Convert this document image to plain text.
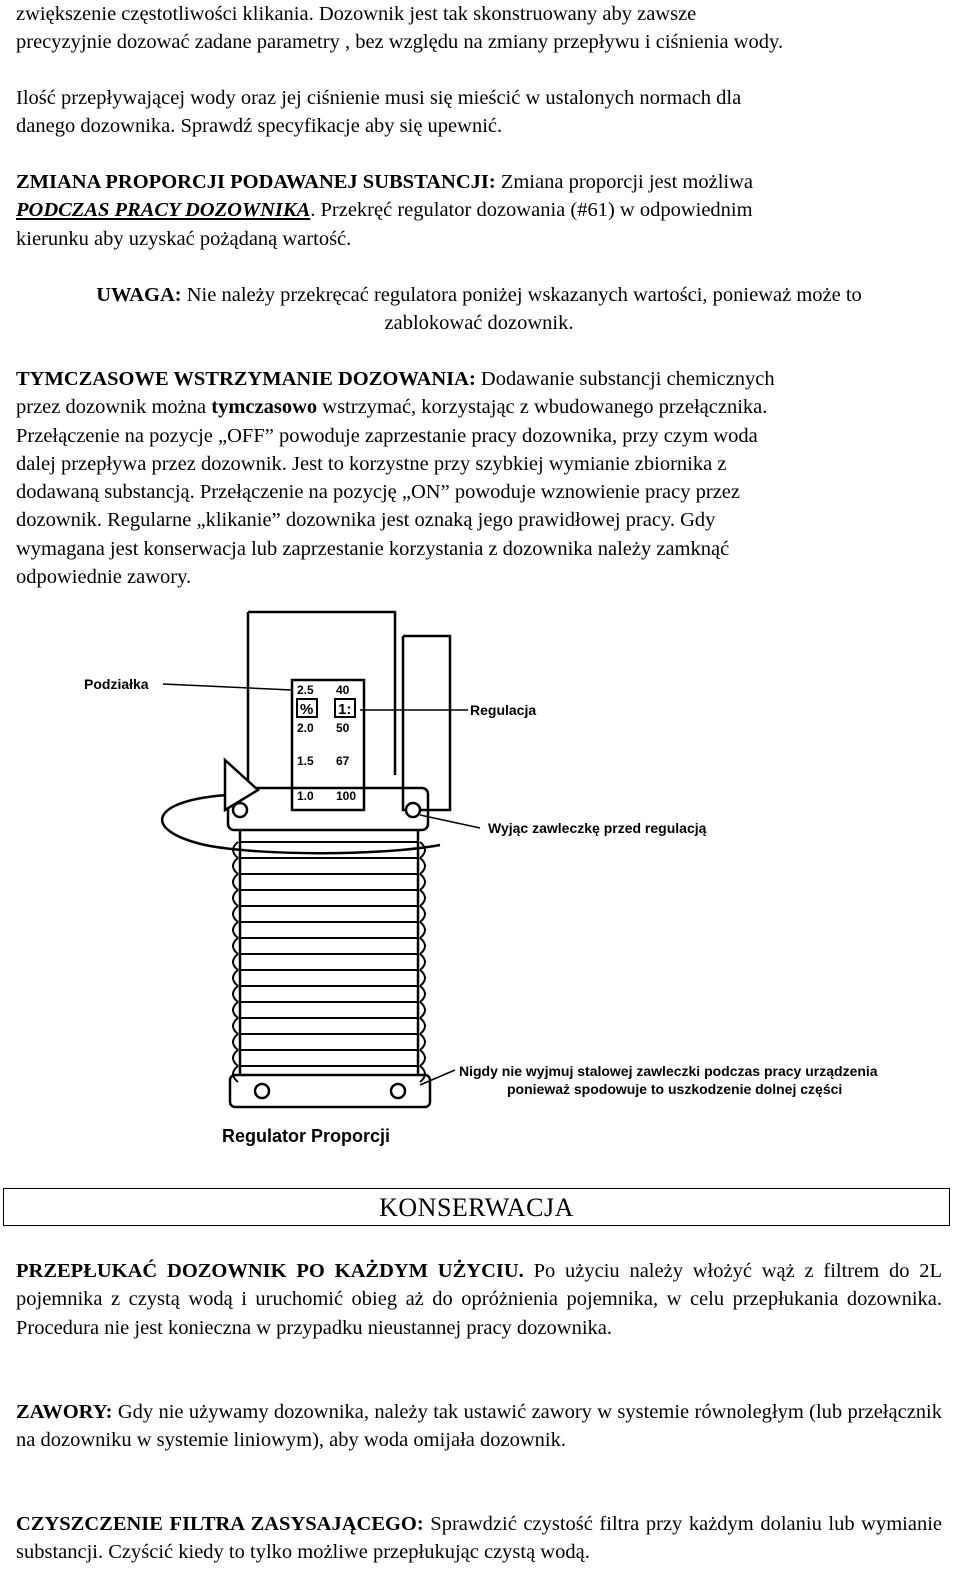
zwiększenie częstotliwości klikania. Dozownik jest tak skonstruowany aby zawsze

precyzyjnie dozować zadane parametry , bez względu na zmiany przepływu i ciśnienia wody.

Ilość przepływającej wody oraz jej ciśnienie musi się mieścić w ustalonych normach dla

danego dozownika. Sprawdź specyfikacje aby się upewnić.

ZMIANA PROPORCJI PODAWANEJ SUBSTANCJI: Zmiana proporcji jest możliwa

PODCZAS PRACY DOZOWNIKA. Przekręć regulator dozowania (#61) w odpowiednim

kierunku aby uzyskać pożądaną wartość.

UWAGA: Nie należy przekręcać regulatora poniżej wskazanych wartości, ponieważ może to

zablokować dozownik.

TYMCZASOWE WSTRZYMANIE DOZOWANIA: Dodawanie substancji chemicznych

przez dozownik można tymczasowo wstrzymać, korzystając z wbudowanego przełącznika.

Przełączenie na pozycje „OFF” powoduje zaprzestanie pracy dozownika, przy czym woda

dalej przepływa przez dozownik. Jest to korzystne przy szybkiej wymianie zbiornika z

dodawaną substancją. Przełączenie na pozycję „ON” powoduje wznowienie pracy przez

dozownik. Regularne „klikanie” dozownika jest oznaką jego prawidłowej pracy. Gdy

wymagana jest konserwacja lub zaprzestanie korzystania z dozownika należy zamknąć

odpowiednie zawory.

2.5 40
2.0 50
1.5 67
1.0 100
% 1:
Podziałka
Regulacja
Wyjąc zawleczkę przed regulacją
Nigdy nie wyjmuj stalowej zawleczki podczas pracy urządzenia
ponieważ spodowuje to uszkodzenie dolnej części
Regulator Proporcji
KONSERWACJA

PRZEPŁUKAĆ DOZOWNIK PO KAŻDYM UŻYCIU. Po użyciu należy włożyć wąż z filtrem do 2L pojemnika z czystą wodą i uruchomić obieg aż do opróżnienia pojemnika, w celu przepłukania dozownika. Procedura nie jest konieczna w przypadku nieustannej pracy dozownika.

ZAWORY: Gdy nie używamy dozownika, należy tak ustawić zawory w systemie równoległym (lub przełącznik na dozowniku w systemie liniowym), aby woda omijała dozownik.

CZYSZCZENIE FILTRA ZASYSAJĄCEGO: Sprawdzić czystość filtra przy każdym dolaniu lub wymianie substancji. Czyścić kiedy to tylko możliwe przepłukując czystą wodą.
